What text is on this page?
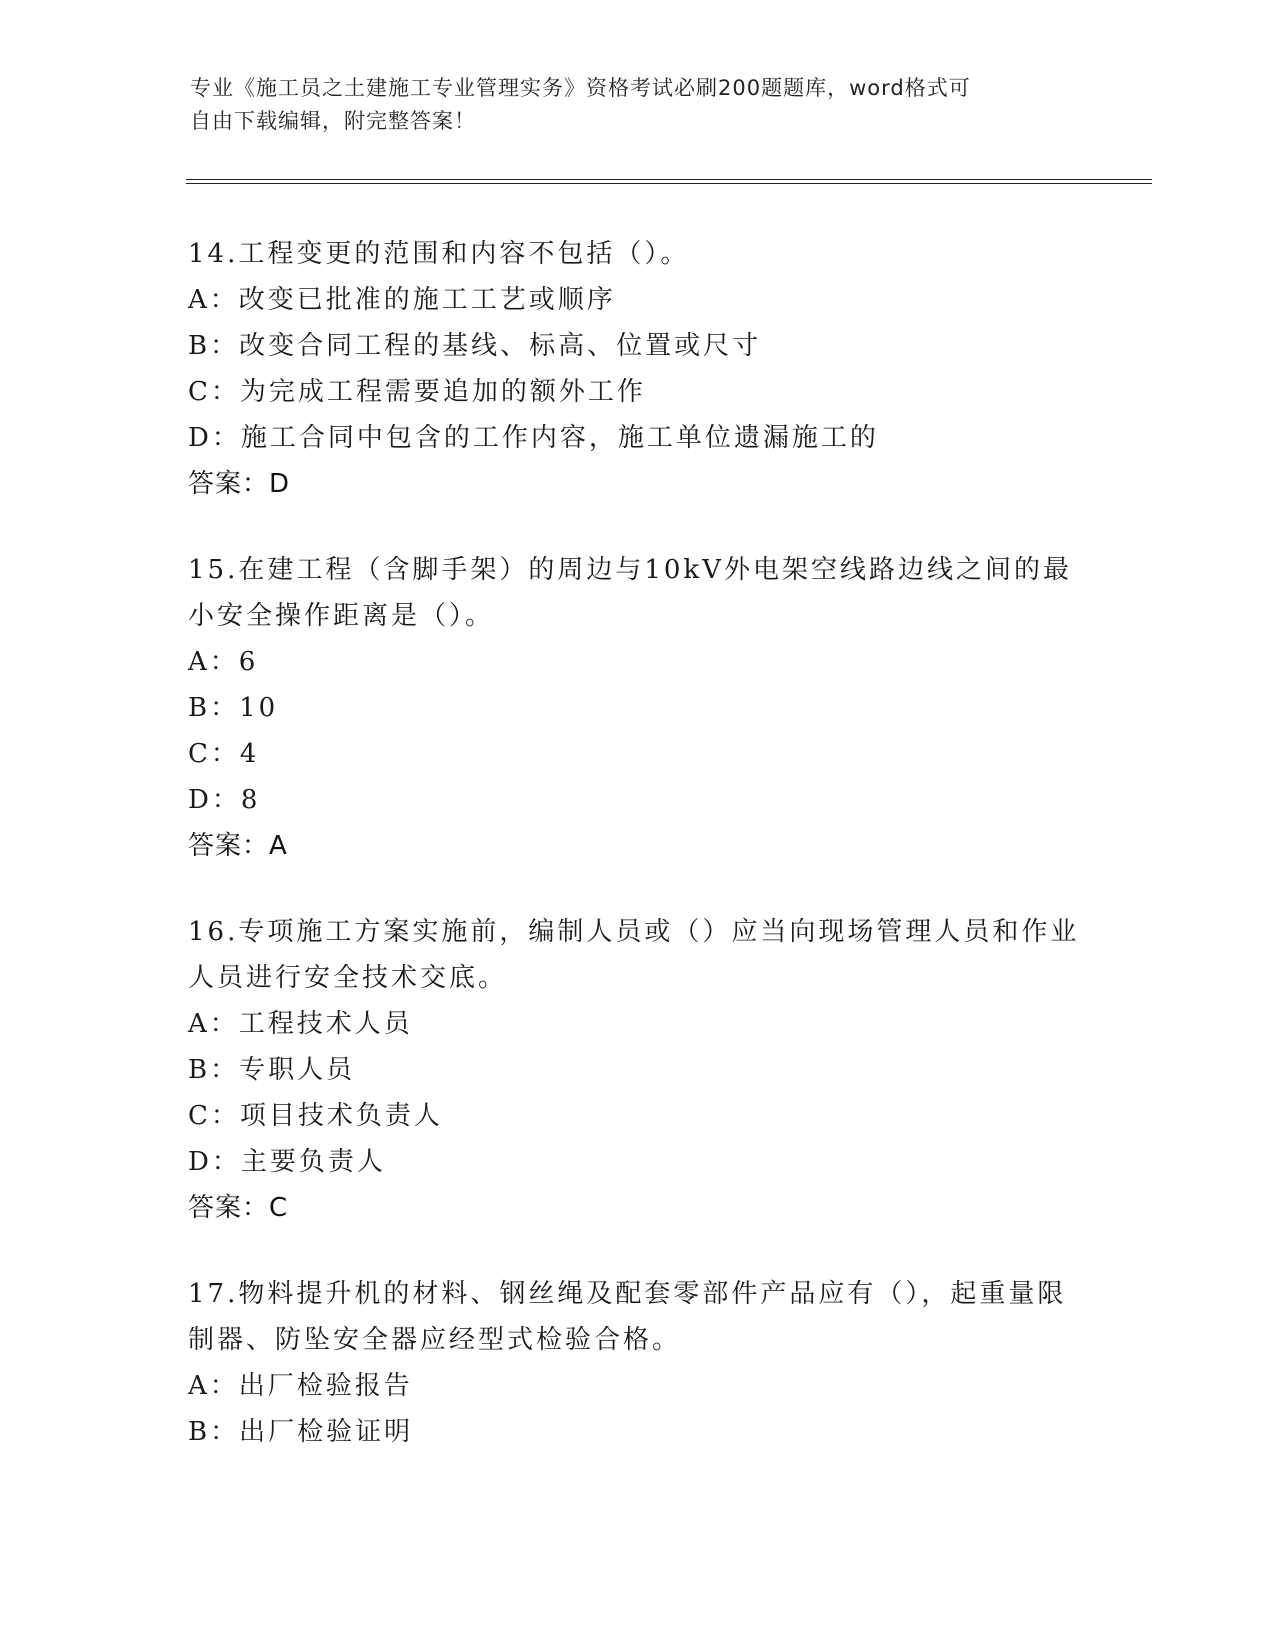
专业《施工员之土建施工专业管理实务》资格考试必刷200题题库，word格式可
自由下载编辑，附完整答案！
14.工程变更的范围和内容不包括（）。
A：改变已批准的施工工艺或顺序
B：改变合同工程的基线、标高、位置或尺寸
C：为完成工程需要追加的额外工作
D：施工合同中包含的工作内容，施工单位遗漏施工的
答案：D
15.在建工程（含脚手架）的周边与10kV外电架空线路边线之间的最
小安全操作距离是（）。
A：6
B：10
C：4
D：8
答案：A
16.专项施工方案实施前，编制人员或（）应当向现场管理人员和作业
人员进行安全技术交底。
A：工程技术人员
B：专职人员
C：项目技术负责人
D：主要负责人
答案：C
17.物料提升机的材料、钢丝绳及配套零部件产品应有（），起重量限
制器、防坠安全器应经型式检验合格。
A：出厂检验报告
B：出厂检验证明
